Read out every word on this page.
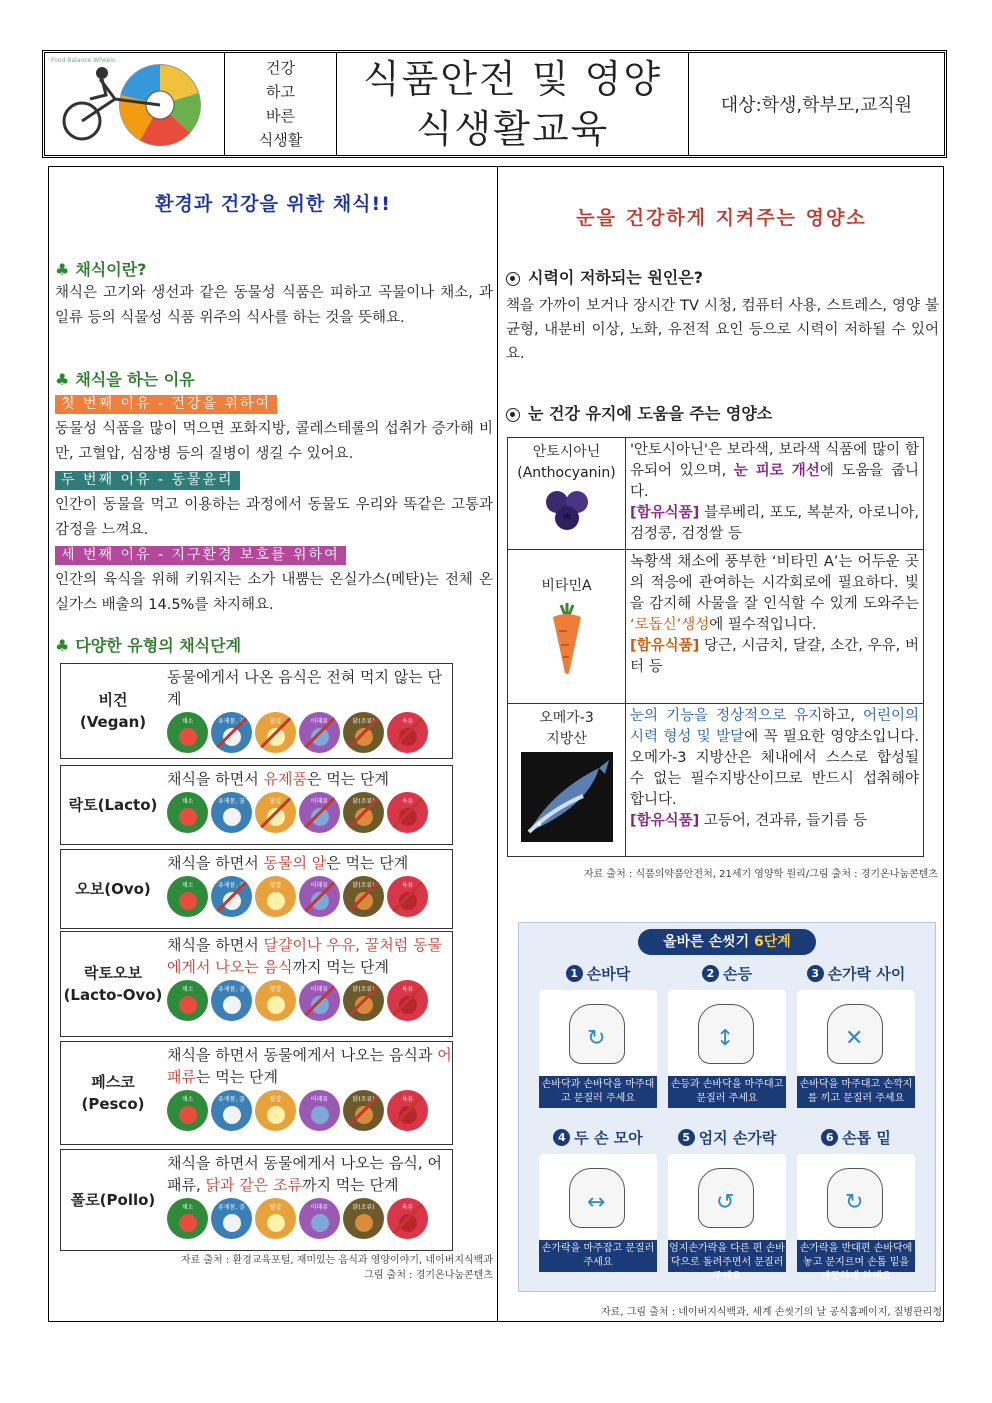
Food Balance Wheels	건강
하고
바른
식생활
식품안전 및 영양
식생활교육
대상:학생,학부모,교직원
환경과 건강을 위한 채식!!
♣ 채식이란?
채식은 고기와 생선과 같은 동물성 식품은 피하고 곡물이나 채소, 과일류 등의 식물성 식품 위주의 식사를 하는 것을 뜻해요.
♣ 채식을 하는 이유
첫 번째 이유 - 건강을 위하여
동물성 식품을 많이 먹으면 포화지방, 콜레스테롤의 섭취가 증가해 비만, 고혈압, 심장병 등의 질병이 생길 수 있어요.
두 번째 이유 - 동물윤리
인간이 동물을 먹고 이용하는 과정에서 동물도 우리와 똑같은 고통과 감정을 느껴요.
세 번째 이유 - 지구환경 보호를 위하여
인간의 육식을 위해 키워지는 소가 내뿜는 온실가스(메탄)는 전체 온실가스 배출의 14.5%를 차지해요.
♣ 다양한 유형의 채식단계
비건
(Vegan)
동물에게서 나온 음식은 전혀 먹지 않는 단계
채소	유제품, 꿀	달걀	어패류	닭(조류)	육류
락토(Lacto)
채식을 하면서 유제품은 먹는 단계
채소	유제품, 꿀	달걀	어패류	닭(조류)	육류
오보(Ovo)
채식을 하면서 동물의 알은 먹는 단계
채소	유제품, 꿀	달걀	어패류	닭(조류)	육류
락토오보
(Lacto-Ovo)
채식을 하면서 달걀이나 우유, 꿀처럼 동물에게서 나오는 음식까지 먹는 단계
채소	유제품, 꿀	달걀	어패류	닭(조류)	육류
페스코
(Pesco)
채식을 하면서 동물에게서 나오는 음식과 어패류는 먹는 단계
채소	유제품, 꿀	달걀	어패류	닭(조류)	육류
폴로(Pollo)
채식을 하면서 동물에게서 나오는 음식, 어패류, 닭과 같은 조류까지 먹는 단계
채소	유제품, 꿀	달걀	어패류	닭(조류)	육류
자료 출처 : 환경교육포털, 재미있는 음식과 영양이야기, 네이버지식백과
그림 출처 : 경기온나눔콘텐츠
눈을 건강하게 지켜주는 영양소
시력이 저하되는 원인은?
책을 가까이 보거나 장시간 TV 시청, 컴퓨터 사용, 스트레스, 영양 불균형, 내분비 이상, 노화, 유전적 요인 등으로 시력이 저하될 수 있어요.
눈 건강 유지에 도움을 주는 영양소
안토시아닌
(Anthocyanin)
'안토시아닌'은 보라색, 보라색 식품에 많이 함유되어 있으며, 눈 피로 개선에 도움을 줍니다.
[함유식품] 블루베리, 포도, 복분자, 아로니아, 검정콩, 검정쌀 등
비타민A
녹황색 채소에 풍부한 ‘비타민 A’는 어두운 곳의 적응에 관여하는 시각회로에 필요하다. 빛을 감지해 사물을 잘 인식할 수 있게 도와주는 ‘로돕신’생성에 필수적입니다.
[함유식품] 당근, 시금치, 달걀, 소간, 우유, 버터 등
오메가-3
지방산
눈의 기능을 정상적으로 유지하고, 어린이의 시력 형성 및 발달에 꼭 필요한 영양소입니다. 오메가-3 지방산은 체내에서 스스로 합성될 수 없는 필수지방산이므로 반드시 섭취해야 합니다.
[함유식품] 고등어, 견과류, 들기름 등
자료 출처 : 식품의약품안전처, 21세기 영양학 원리/그림 출처 : 경기온나눔콘텐츠
올바른 손씻기 6단계
1 손바닥
↻
손바닥과 손바닥을 마주대고 문질러 주세요
2 손등
↕
손등과 손바닥을 마주대고 문질러 주세요
3 손가락 사이
✕
손바닥을 마주대고 손깍지를 끼고 문질러 주세요
4 두 손 모아
↔
손가락을 마주잡고 문질러 주세요
5 엄지 손가락
↺
엄지손가락을 다른 편 손바닥으로 돌려주면서 문질러 주세요
6 손톱 밑
↻
손가락을 반대편 손바닥에 놓고 문지르며 손톱 밑을 깨끗하게 하세요
자료, 그림 출처 : 네이버지식백과, 세계 손씻기의 날 공식홈페이지, 질병관리청
